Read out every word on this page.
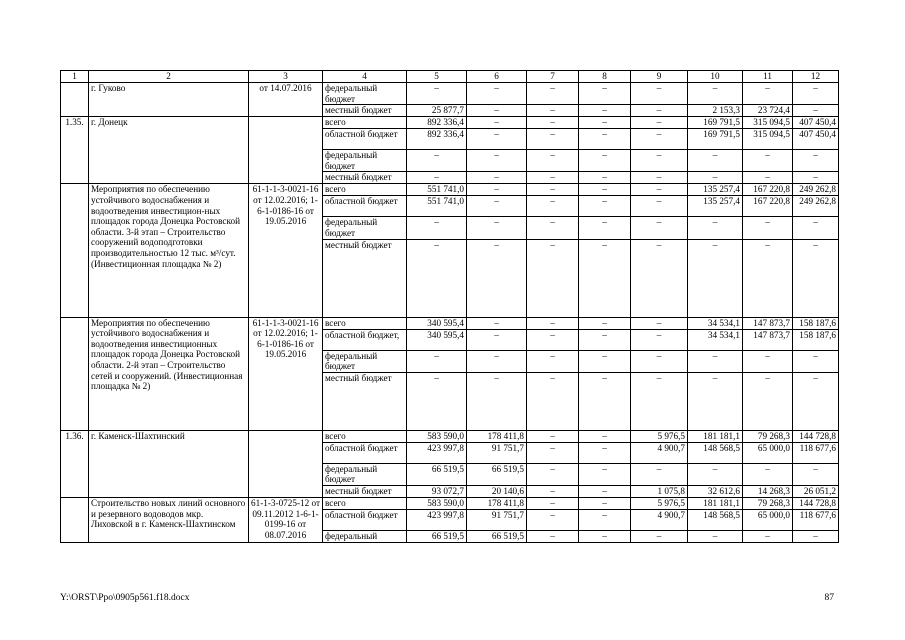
1	2	3	4	5	6	7	8	9	10	11	12
	г. Гуково	от 14.07.2016	федеральный бюджет	–	–	–	–	–	–	–	–
			местный бюджет	25 877,7	–	–	–	–	2 153,3	23 724,4	–
1.35.	г. Донецк		всего	892 336,4	–	–	–	–	169 791,5	315 094,5	407 450,4
			областной бюджет	892 336,4	–	–	–	–	169 791,5	315 094,5	407 450,4
			федеральный бюджет	–	–	–	–	–	–	–	–
			местный бюджет	–	–	–	–	–	–	–	–
	Мероприятия по обеспечению устойчивого водоснабжения и водоотведения инвестицион-ных площадок города Донецка Ростовской области. 3-й этап – Строительство сооружений водоподготовки производительностью 12 тыс. м³/сут. (Инвестиционная площадка № 2)	61-1-1-3-0021-16 от 12.02.2016; 1-6-1-0186-16 от 19.05.2016	всего	551 741,0	–	–	–	–	135 257,4	167 220,8	249 262,8
			областной бюджет	551 741,0	–	–	–	–	135 257,4	167 220,8	249 262,8
			федеральный бюджет	–	–	–	–	–	–	–	–
			местный бюджет	–	–	–	–	–	–	–	–
	Мероприятия по обеспечению устойчивого водоснабжения и водоотведения инвестиционных площадок города Донецка Ростовской области. 2-й этап – Строительство сетей и сооружений. (Инвестиционная площадка № 2)	61-1-1-3-0021-16 от 12.02.2016; 1-6-1-0186-16 от 19.05.2016	всего	340 595,4	–	–	–	–	34 534,1	147 873,7	158 187,6
			областной бюджет,	340 595,4	–	–	–	–	34 534,1	147 873,7	158 187,6
			федеральный бюджет	–	–	–	–	–	–	–	–
			местный бюджет	–	–	–	–	–	–	–	–
1.36.	г. Каменск-Шахтинский		всего	583 590,0	178 411,8	–	–	5 976,5	181 181,1	79 268,3	144 728,8
			областной бюджет	423 997,8	91 751,7	–	–	4 900,7	148 568,5	65 000,0	118 677,6
			федеральный бюджет	66 519,5	66 519,5	–	–	–	–	–	–
			местный бюджет	93 072,7	20 140,6	–	–	1 075,8	32 612,6	14 268,3	26 051,2
	Строительство новых линий основного и резервного водоводов мкр. Лиховской в г. Каменск-Шахтинском	61-1-3-0725-12 от 09.11.2012 1-6-1-0199-16 от 08.07.2016	всего	583 590,0	178 411,8	–	–	5 976,5	181 181,1	79 268,3	144 728,8
			областной бюджет	423 997,8	91 751,7	–	–	4 900,7	148 568,5	65 000,0	118 677,6
			федеральный	66 519,5	66 519,5	–	–	–	–	–	–
Y:\ORST\Ppo\0905p561.f18.docx	87
